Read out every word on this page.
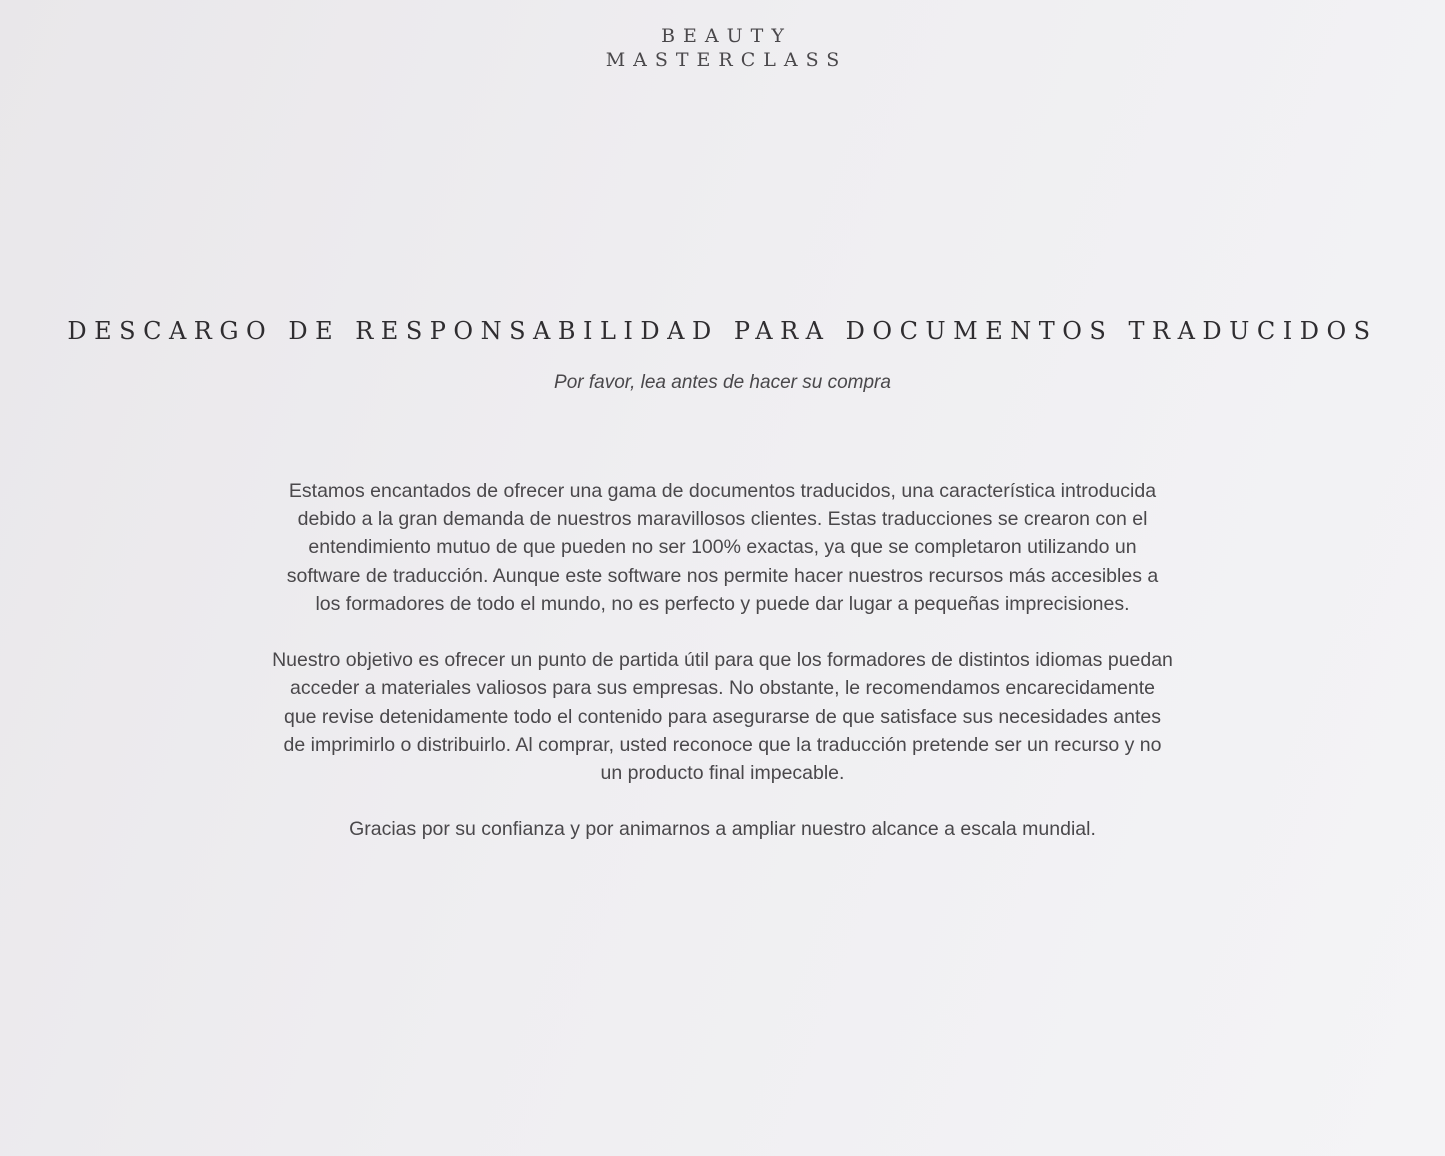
BEAUTY
MASTERCLASS
DESCARGO DE RESPONSABILIDAD PARA DOCUMENTOS TRADUCIDOS
Por favor, lea antes de hacer su compra

Estamos encantados de ofrecer una gama de documentos traducidos, una característica introducida debido a la gran demanda de nuestros maravillosos clientes. Estas traducciones se crearon con el entendimiento mutuo de que pueden no ser 100% exactas, ya que se completaron utilizando un software de traducción. Aunque este software nos permite hacer nuestros recursos más accesibles a los formadores de todo el mundo, no es perfecto y puede dar lugar a pequeñas imprecisiones.

Nuestro objetivo es ofrecer un punto de partida útil para que los formadores de distintos idiomas puedan acceder a materiales valiosos para sus empresas. No obstante, le recomendamos encarecidamente que revise detenidamente todo el contenido para asegurarse de que satisface sus necesidades antes de imprimirlo o distribuirlo. Al comprar, usted reconoce que la traducción pretende ser un recurso y no un producto final impecable.

Gracias por su confianza y por animarnos a ampliar nuestro alcance a escala mundial.
